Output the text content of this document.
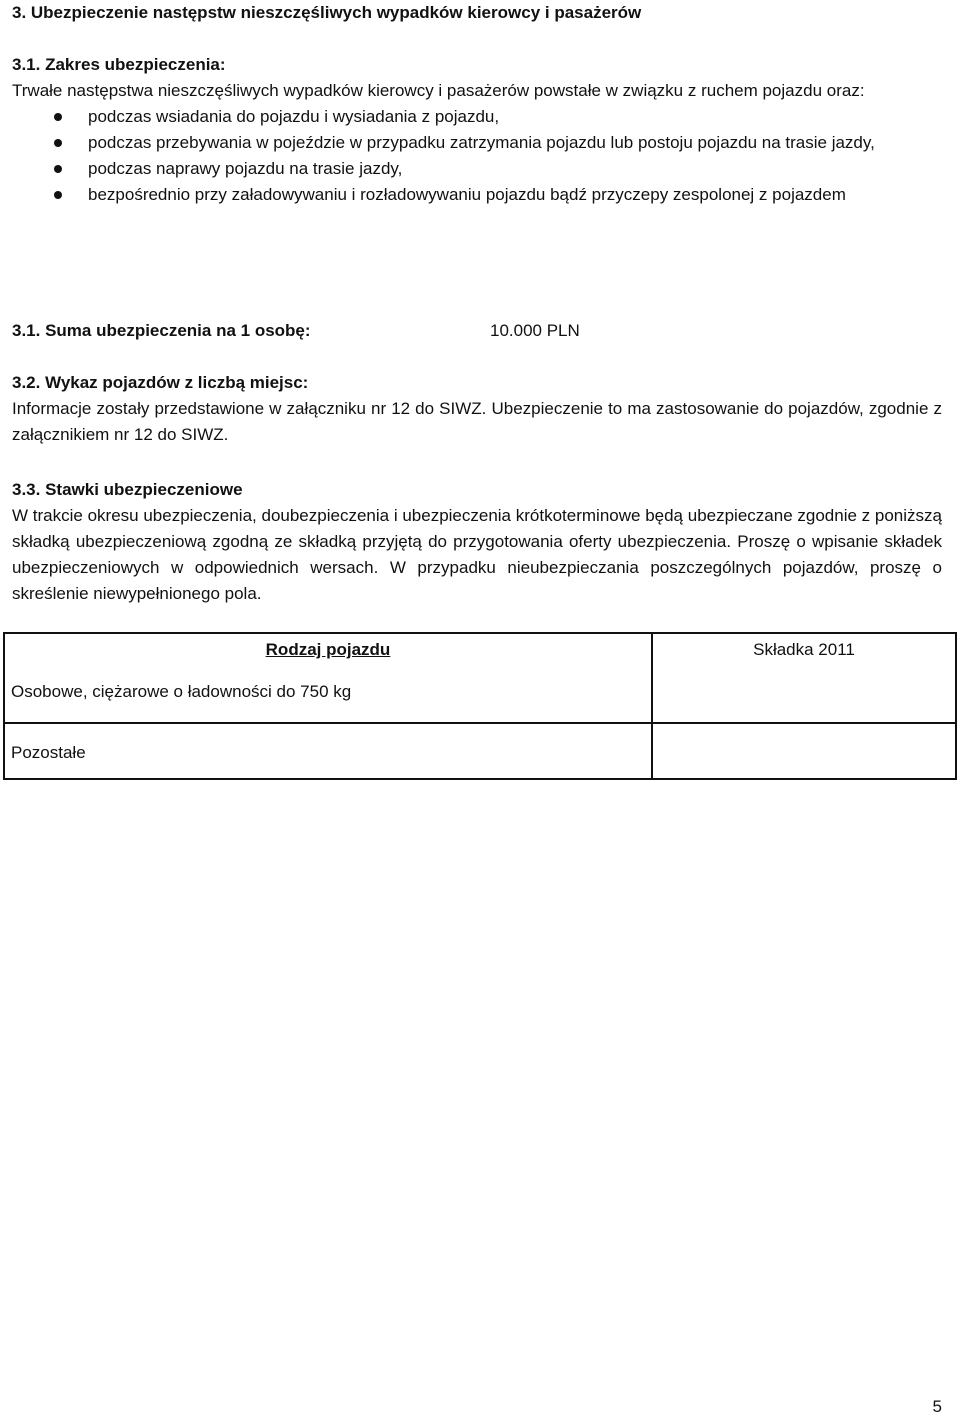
3. Ubezpieczenie następstw nieszczęśliwych wypadków kierowcy i pasażerów

3.1. Zakres ubezpieczenia:

Trwałe następstwa nieszczęśliwych wypadków kierowcy i pasażerów powstałe w związku z ruchem pojazdu oraz:

podczas wsiadania do pojazdu i wysiadania z pojazdu,
podczas przebywania w pojeździe w przypadku zatrzymania pojazdu lub postoju pojazdu na trasie jazdy,
podczas naprawy pojazdu na trasie jazdy,
bezpośrednio przy załadowywaniu i rozładowywaniu pojazdu bądź przyczepy zespolonej z pojazdem
3.1. Suma ubezpieczenia na 1 osobę:	10.000 PLN

3.2. Wykaz pojazdów z liczbą miejsc:

Informacje zostały przedstawione w załączniku nr 12 do SIWZ. Ubezpieczenie to ma zastosowanie do pojazdów, zgodnie z załącznikiem nr 12 do SIWZ.

3.3. Stawki ubezpieczeniowe

W trakcie okresu ubezpieczenia, doubezpieczenia i ubezpieczenia krótkoterminowe będą ubezpieczane zgodnie z poniższą składką ubezpieczeniową zgodną ze składką przyjętą do przygotowania oferty ubezpieczenia. Proszę o wpisanie składek ubezpieczeniowych w odpowiednich wersach. W przypadku nieubezpieczania poszczególnych pojazdów, proszę o skreślenie niewypełnionego pola.

Rodzaj pojazdu	Składka 2011
Osobowe, ciężarowe o ładowności do 750 kg
Pozostałe
5
